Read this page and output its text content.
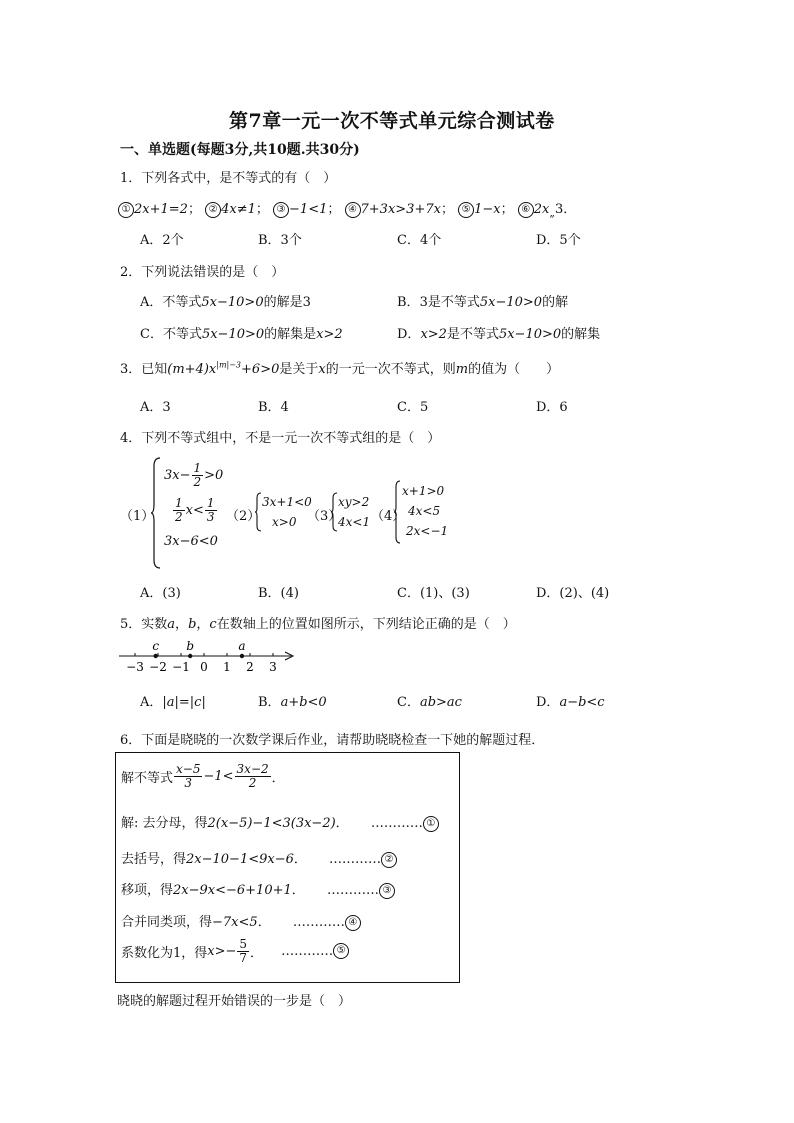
第7章一元一次不等式单元综合测试卷
一、单选题(每题3分,共10题.共30分)
1．下列各式中，是不等式的有（　）
① 2x+1=2； ② 4x≠1； ③ −1<1； ④ 7+3x>3+7x； ⑤ 1−x； ⑥ $2x_„3$．
A．2个	B．3个	C．4个	D．5个
2．下列说法错误的是（　）
A．不等式5x−10>0的解是3	B．3是不等式5x−10>0的解
C．不等式5x−10>0的解集是x>2	D．x>2是不等式5x−10>0的解集
3．已知$(m+4)x^{|m|-3}+6>0$是关于x的一元一次不等式，则m的值为（　　）
A．3	B．4	C．5	D．6
4．下列不等式组中，不是一元一次不等式组的是（　）
（1）
$3x- \frac{1}{2} >0$
$\frac{1}{2} x< \frac{1}{3}$
3x−6<0
（2）
3x+1<0
x>0 （3）
xy>2
4x<1 （4）
x+1>0
4x<5
2x<−1
A．(3)	B．(4)	C．(1)、(3)	D．(2)、(4)
5．实数a，b，c在数轴上的位置如图所示，下列结论正确的是（　）
−3 −2 −1 0 1 2 3
c b	a
A．|a|=|c|	B．a+b<0	C．ab>ac	D．a−b<c
6．下面是晓晓的一次数学课后作业，请帮助晓晓检查一下她的解题过程．
解不等式 $\frac{x-5}{3} -1< \frac{3x-2}{2}$ ．
解: 去分母，得2(x−5)−1<3(3x−2)． ………… ①
去括号，得2x−10−1<9x−6． ………… ②
移项，得2x−9x<−6+10+1． ………… ③
合并同类项，得−7x<5． ………… ④
系数化为1，得 $x>- \frac{5}{7}$ ． ………… ⑤
晓晓的解题过程开始错误的一步是（　）
